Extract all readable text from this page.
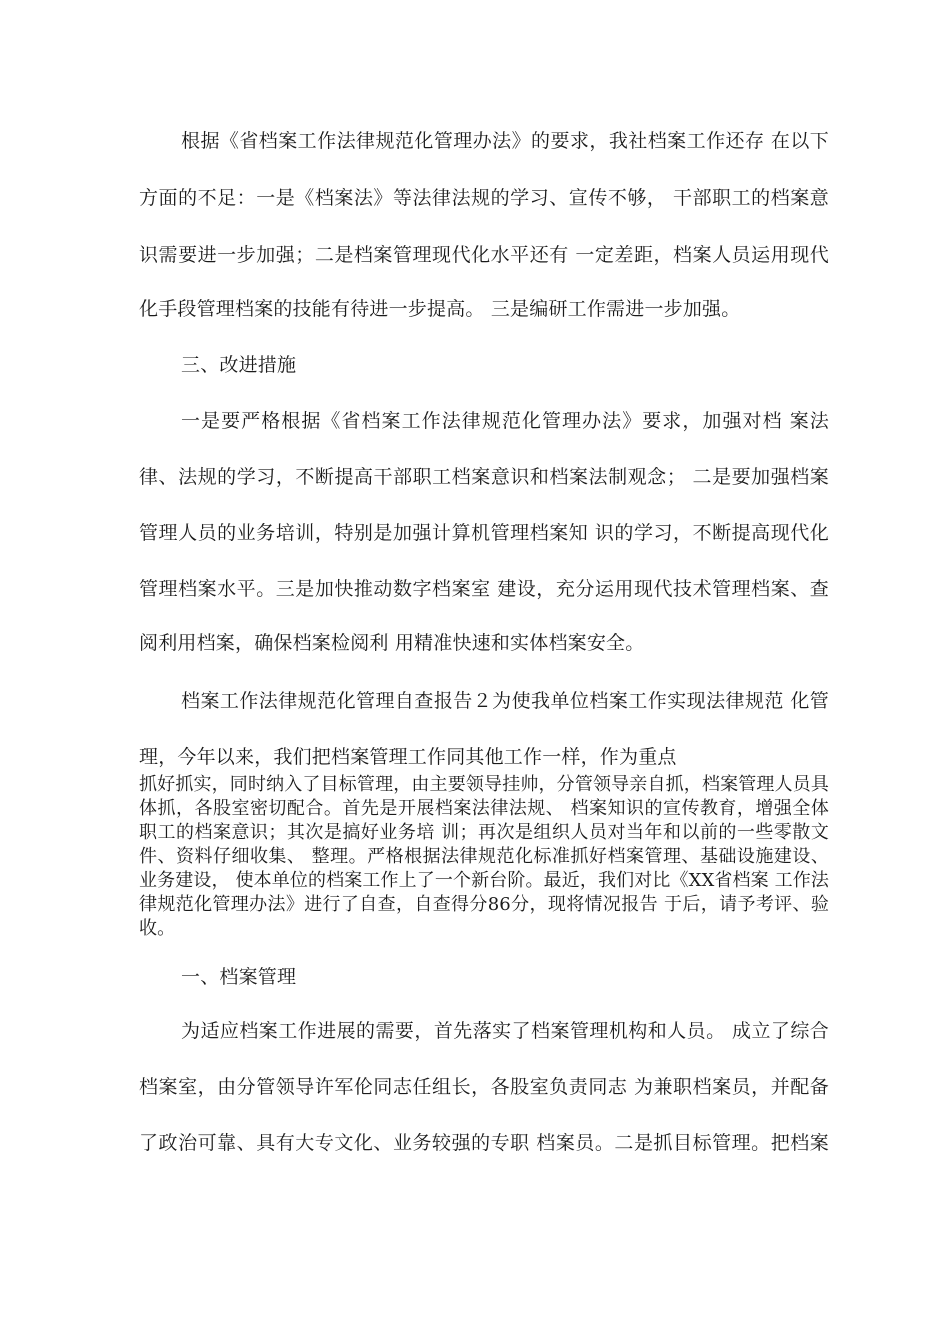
根据《省档案工作法律规范化管理办法》的要求，我社档案工作还存 在以下
方面的不足：一是《档案法》等法律法规的学习、宣传不够， 干部职工的档案意
识需要进一步加强；二是档案管理现代化水平还有 一定差距，档案人员运用现代
化手段管理档案的技能有待进一步提高。 三是编研工作需进一步加强。
三、改进措施
一是要严格根据《省档案工作法律规范化管理办法》要求，加强对档 案法
律、法规的学习，不断提高干部职工档案意识和档案法制观念； 二是要加强档案
管理人员的业务培训，特别是加强计算机管理档案知 识的学习，不断提高现代化
管理档案水平。三是加快推动数字档案室 建设，充分运用现代技术管理档案、查
阅利用档案，确保档案检阅利 用精准快速和实体档案安全。
档案工作法律规范化管理自查报告２为使我单位档案工作实现法律规范 化管
理，今年以来，我们把档案管理工作同其他工作一样，作为重点
抓好抓实，同时纳入了目标管理，由主要领导挂帅，分管领导亲自抓，档案管理人员具体抓，各股室密切配合。首先是开展档案法律法规、 档案知识的宣传教育，增强全体职工的档案意识；其次是搞好业务培 训；再次是组织人员对当年和以前的一些零散文件、资料仔细收集、 整理。严格根据法律规范化标准抓好档案管理、基础设施建设、业务建设， 使本单位的档案工作上了一个新台阶。最近，我们对比《XX省档案 工作法律规范化管理办法》进行了自查，自查得分86分，现将情况报告 于后，请予考评、验收。
一、档案管理
为适应档案工作进展的需要，首先落实了档案管理机构和人员。 成立了综合
档案室，由分管领导许军伦同志任组长，各股室负责同志 为兼职档案员，并配备
了政治可靠、具有大专文化、业务较强的专职 档案员。二是抓目标管理。把档案
